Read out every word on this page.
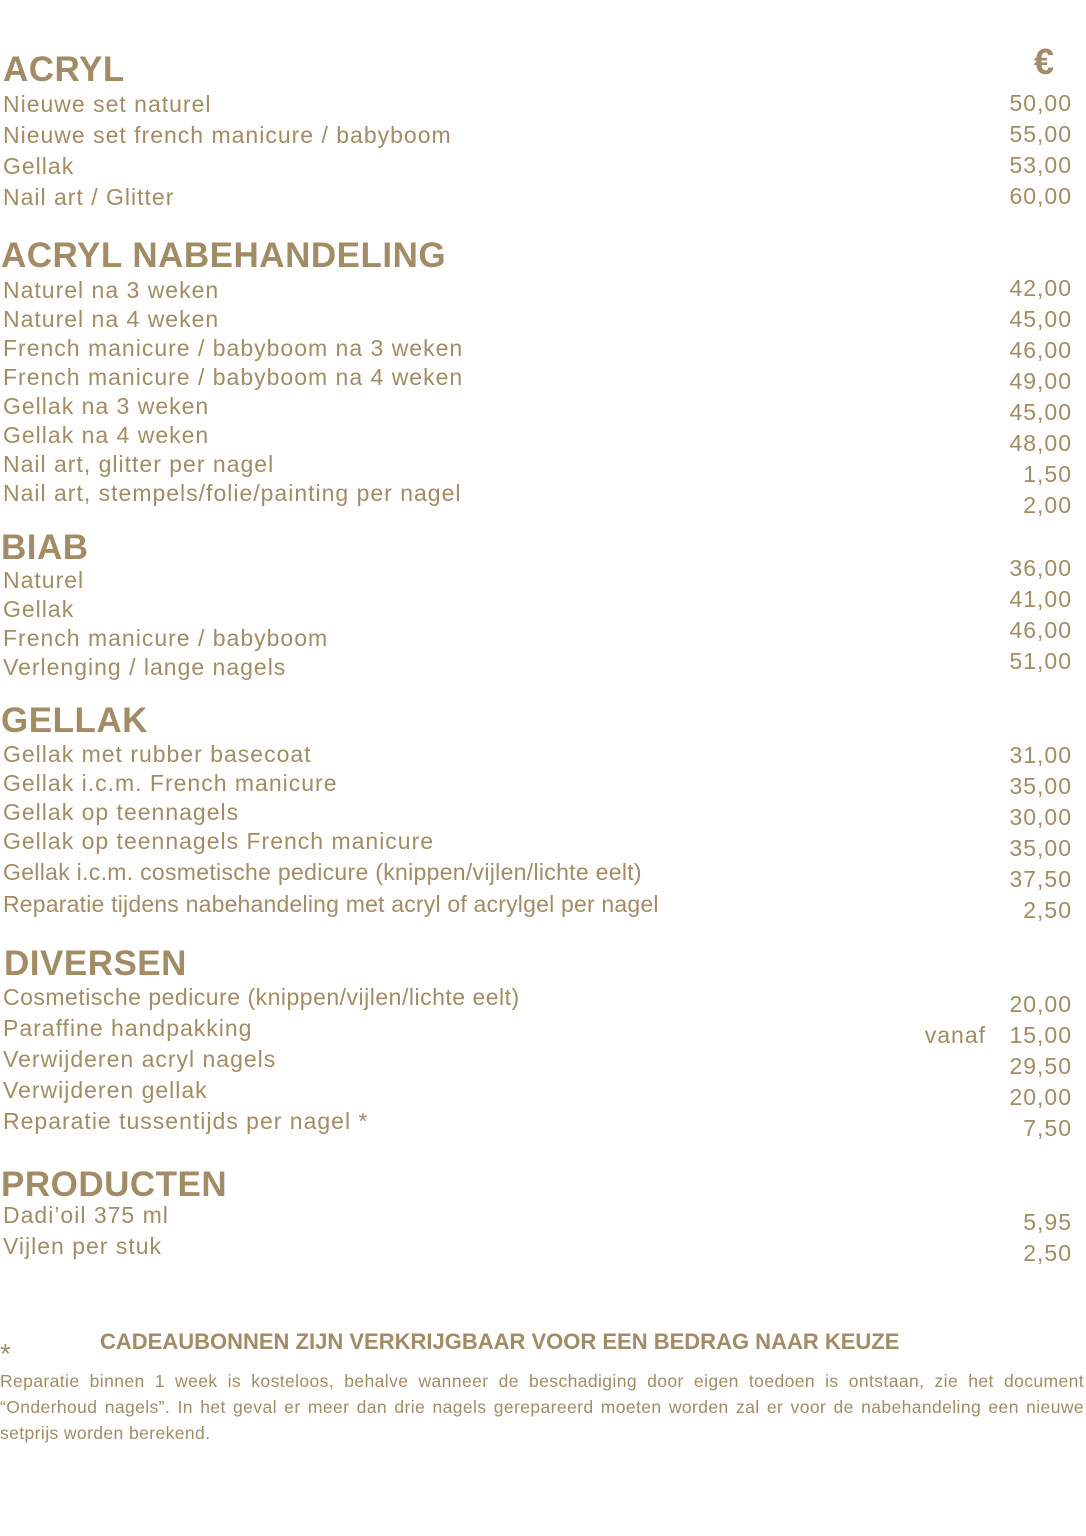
€
ACRYL
Nieuwe set naturel	50,00
Nieuwe set french manicure / babyboom	55,00
Gellak	53,00
Nail art / Glitter	60,00
ACRYL NABEHANDELING
Naturel na 3 weken	42,00
Naturel na 4 weken	45,00
French manicure / babyboom na 3 weken	46,00
French manicure / babyboom na 4 weken	49,00
Gellak na 3 weken	45,00
Gellak na 4 weken	48,00
Nail art, glitter per nagel	1,50
Nail art, stempels/folie/painting per nagel	2,00
BIAB
Naturel	36,00
Gellak	41,00
French manicure / babyboom	46,00
Verlenging / lange nagels	51,00
GELLAK
Gellak met rubber basecoat	31,00
Gellak i.c.m. French manicure	35,00
Gellak op teennagels	30,00
Gellak op teennagels French manicure	35,00
Gellak i.c.m. cosmetische pedicure (knippen/vijlen/lichte eelt)	37,50
Reparatie tijdens nabehandeling met acryl of acrylgel per nagel	2,50
DIVERSEN
Cosmetische pedicure (knippen/vijlen/lichte eelt)	20,00
Paraffine handpakking	vanaf 15,00
Verwijderen acryl nagels	29,50
Verwijderen gellak	20,00
Reparatie tussentijds per nagel *	7,50
PRODUCTEN
Dadi’oil 375 ml	5,95
Vijlen per stuk	2,50
*	CADEAUBONNEN ZIJN VERKRIJGBAAR VOOR EEN BEDRAG NAAR KEUZE
Reparatie binnen 1 week is kosteloos, behalve wanneer de beschadiging door eigen toedoen is ontstaan, zie het document “Onderhoud nagels”. In het geval er meer dan drie nagels gerepareerd moeten worden zal er voor de nabehandeling een nieuwe setprijs worden berekend.
